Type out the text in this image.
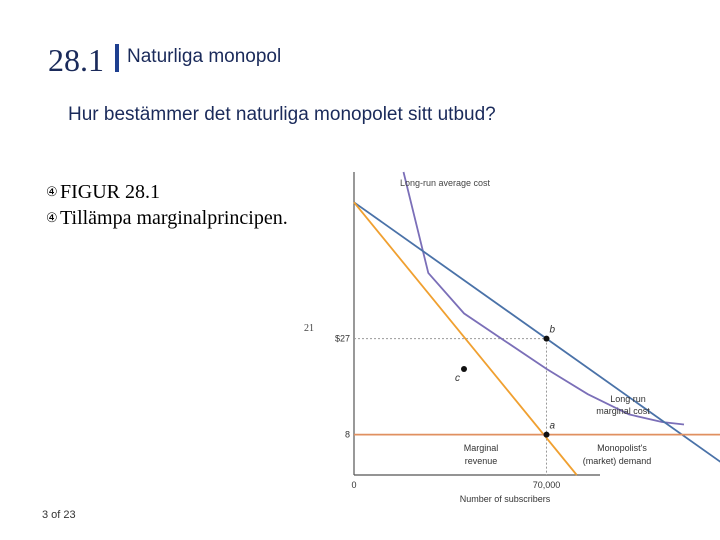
28.1 Naturliga monopol
Hur bestämmer det naturliga monopolet sitt utbud?
④ FIGUR 28.1
④ Tillämpa marginalprincipen.
21	b
c
a
$27
8
0	70,000
Number of subscribers
Long-run average cost
Long run
marginal cost
Monopolist's
(market) demand
Marginal
revenue
3 of 23
